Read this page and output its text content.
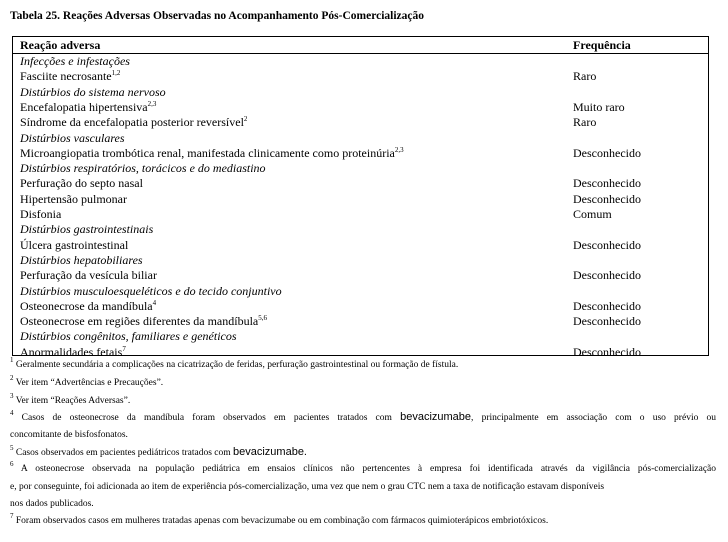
Tabela 25. Reações Adversas Observadas no Acompanhamento Pós-Comercialização
Reação adversa	Frequência
Infecções e infestações
Fasciite necrosante$^{1,2}$	Raro
Distúrbios do sistema nervoso
Encefalopatia hipertensiva$^{2,3}$	Muito raro
Síndrome da encefalopatia posterior reversível$^2$	Raro
Distúrbios vasculares
Microangiopatia trombótica renal, manifestada clinicamente como proteinúria$^{2,3}$	Desconhecido
Distúrbios respiratórios, torácicos e do mediastino
Perfuração do septo nasal	Desconhecido
Hipertensão pulmonar	Desconhecido
Disfonia	Comum
Distúrbios gastrointestinais
Úlcera gastrointestinal	Desconhecido
Distúrbios hepatobiliares
Perfuração da vesícula biliar	Desconhecido
Distúrbios musculoesqueléticos e do tecido conjuntivo
Osteonecrose da mandíbula$^4$	Desconhecido
Osteonecrose em regiões diferentes da mandíbula$^{5,6}$	Desconhecido
Distúrbios congênitos, familiares e genéticos
Anormalidades fetais$^7$	Desconhecido
$^1$ Geralmente secundária a complicações na cicatrização de feridas, perfuração gastrointestinal ou formação de fístula.
$^2$ Ver item “Advertências e Precauções”.
$^3$ Ver item “Reações Adversas”.
$^4$ Casos de osteonecrose da mandíbula foram observados em pacientes tratados com bevacizumabe, principalmente em associação com o uso prévio ou
concomitante de bisfosfonatos.
$^5$ Casos observados em pacientes pediátricos tratados com bevacizumabe.
$^6$ A osteonecrose observada na população pediátrica em ensaios clínicos não pertencentes à empresa foi identificada através da vigilância pós-comercialização
e, por conseguinte, foi adicionada ao item de experiência pós-comercialização, uma vez que nem o grau CTC nem a taxa de notificação estavam disponíveis
nos dados publicados.
$^7$ Foram observados casos em mulheres tratadas apenas com bevacizumabe ou em combinação com fármacos quimioterápicos embriotóxicos.
